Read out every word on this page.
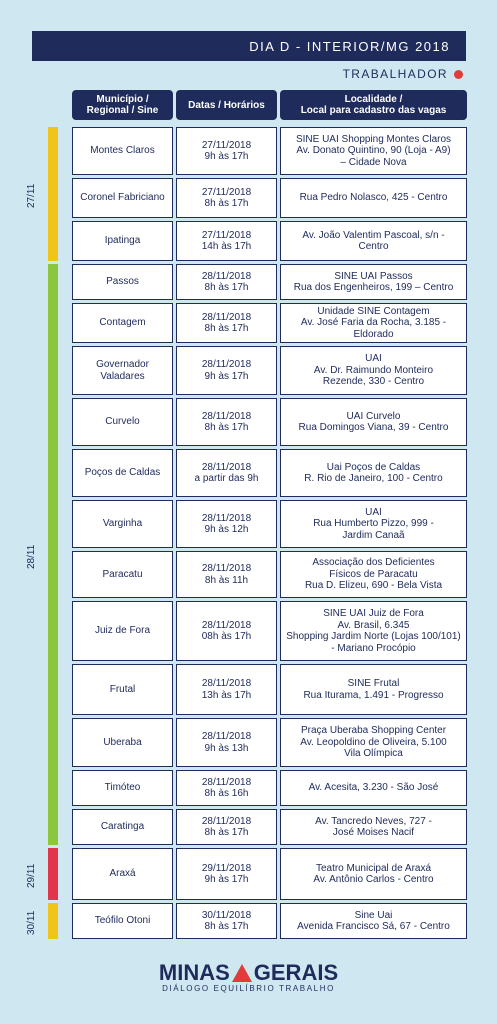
DIA D - INTERIOR/MG 2018
TRABALHADOR
Município / Regional / Sine	Datas / Horários	Localidade /
Local para cadastro das vagas
27/11
28/11
29/11
30/11
Montes Claros
27/11/2018
9h às 17h
SINE UAI Shopping Montes Claros
Av. Donato Quintino, 90 (Loja - A9)
– Cidade Nova
Coronel Fabriciano
27/11/2018
8h às 17h
Rua Pedro Nolasco, 425 - Centro
Ipatinga
27/11/2018
14h às 17h
Av. João Valentim Pascoal, s/n -
Centro
Passos
28/11/2018
8h às 17h
SINE UAI Passos
Rua dos Engenheiros, 199 – Centro
Contagem
28/11/2018
8h às 17h
Unidade SINE Contagem
Av. José Faria da Rocha, 3.185 - Eldorado
Governador Valadares
28/11/2018
9h às 17h
UAI
Av. Dr. Raimundo Monteiro
Rezende, 330 - Centro
Curvelo
28/11/2018
8h às 17h
UAI Curvelo
Rua Domingos Viana, 39 - Centro
Poços de Caldas
28/11/2018
a partir das 9h
Uai Poços de Caldas
R. Rio de Janeiro, 100 - Centro
Varginha
28/11/2018
9h às 12h
UAI
Rua Humberto Pizzo, 999 -
Jardim Canaã
Paracatu
28/11/2018
8h às 11h
Associação dos Deficientes
Físicos de Paracatu
Rua D. Elizeu, 690 - Bela Vista
Juiz de Fora
28/11/2018
08h às 17h
SINE UAI Juiz de Fora
Av. Brasil, 6.345
Shopping Jardim Norte (Lojas 100/101)
- Mariano Procópio
Frutal
28/11/2018
13h às 17h
SINE Frutal
Rua Ituramа, 1.491 - Progresso
Uberaba
28/11/2018
9h às 13h
Praça Uberaba Shopping Center
Av. Leopoldino de Oliveira, 5.100
Vila Olímpica
Timóteo
28/11/2018
8h às 16h
Av. Acesita, 3.230 - São José
Caratinga
28/11/2018
8h às 17h
Av. Tancredo Neves, 727 -
José Moises Nacif
Araxá
29/11/2018
9h às 17h
Teatro Municipal de Araxá
Av. Antônio Carlos - Centro
Teófilo Otoni
30/11/2018
8h às 17h
Sine Uai
Avenida Francisco Sá, 67 - Centro
MINAS GERAIS
DIÁLOGO EQUILÍBRIO TRABALHO
